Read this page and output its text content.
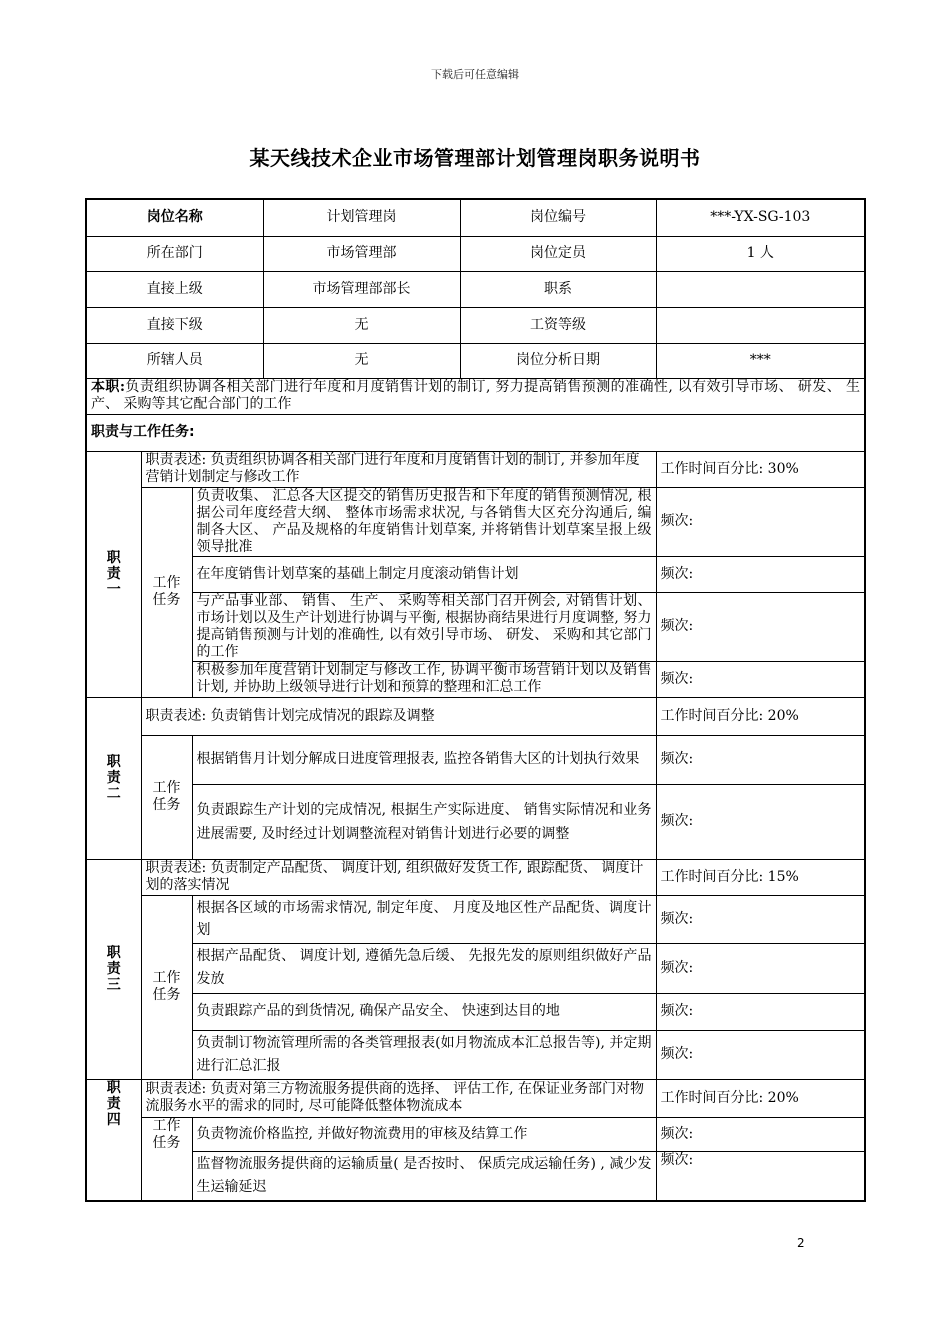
下载后可任意编辑
某天线技术企业市场管理部计划管理岗职务说明书
岗位名称			计划管理岗	岗位编号	***-YX-SG-103
所在部门			市场管理部	岗位定员	1 人
直接上级			市场管理部部长	职系	
直接下级			无	工资等级	
所辖人员			无	岗位分析日期	***
本职:负责组织协调各相关部门进行年度和月度销售计划的制订, 努力提高销售预测的准确性, 以有效引导市场、 研发、 生产、 采购等其它配合部门的工作					
职责与工作任务:					

职责一	职责表述: 负责组织协调各相关部门进行年度和月度销售计划的制订, 并参加年度营销计划制定与修改工作				工作时间百分比: 30%

	工作任务	负责收集、 汇总各大区提交的销售历史报告和下年度的销售预测情况, 根据公司年度经营大纲、 整体市场需求状况, 与各销售大区充分沟通后, 编制各大区、 产品及规格的年度销售计划草案, 并将销售计划草案呈报上级领导批准			频次:
		在年度销售计划草案的基础上制定月度滚动销售计划			频次:
		与产品事业部、 销售、 生产、 采购等相关部门召开例会, 对销售计划、 市场计划以及生产计划进行协调与平衡, 根据协商结果进行月度调整, 努力提高销售预测与计划的准确性, 以有效引导市场、 研发、 采购和其它部门的工作			频次:
		积极参加年度营销计划制定与修改工作, 协调平衡市场营销计划以及销售计划, 并协助上级领导进行计划和预算的整理和汇总工作			频次:

职责二	职责表述: 负责销售计划完成情况的跟踪及调整				工作时间百分比: 20%

	工作任务	根据销售月计划分解成日进度管理报表, 监控各销售大区的计划执行效果			频次:
		负责跟踪生产计划的完成情况, 根据生产实际进度、 销售实际情况和业务进展需要, 及时经过计划调整流程对销售计划进行必要的调整			频次:

职责三	职责表述: 负责制定产品配货、 调度计划, 组织做好发货工作, 跟踪配货、 调度计划的落实情况				工作时间百分比: 15%

	工作任务	根据各区域的市场需求情况, 制定年度、 月度及地区性产品配货、调度计划			频次:
		根据产品配货、 调度计划, 遵循先急后缓、 先报先发的原则组织做好产品发放			频次:
		负责跟踪产品的到货情况, 确保产品安全、 快速到达目的地			频次:
		负责制订物流管理所需的各类管理报表(如月物流成本汇总报告等), 并定期进行汇总汇报			频次:

职责四	职责表述: 负责对第三方物流服务提供商的选择、 评估工作, 在保证业务部门对物流服务水平的需求的同时, 尽可能降低整体物流成本				工作时间百分比: 20%

	工作任务	负责物流价格监控, 并做好物流费用的审核及结算工作			频次:
		监督物流服务提供商的运输质量( 是否按时、 保质完成运输任务) , 减少发生运输延迟			频次:
2
